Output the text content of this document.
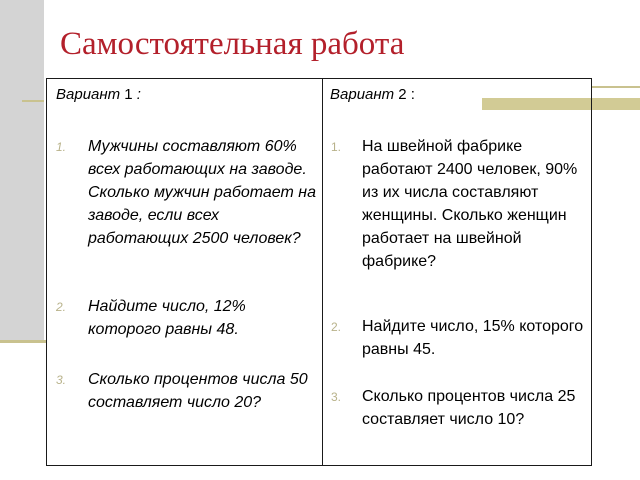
Самостоятельная работа
Вариант 1 :
1. Мужчины составляют 60% всех работающих на заводе. Сколько мужчин работает на заводе, если всех работающих 2500 человек?
2. Найдите число, 12% которого равны 48.
3. Сколько процентов числа 50 составляет число 20?
Вариант 2 :
1. На швейной фабрике работают 2400 человек, 90% из их числа составляют женщины. Сколько женщин работает на швейной фабрике?
2. Найдите число, 15% которого равны 45.
3. Сколько процентов числа 25 составляет число 10?
